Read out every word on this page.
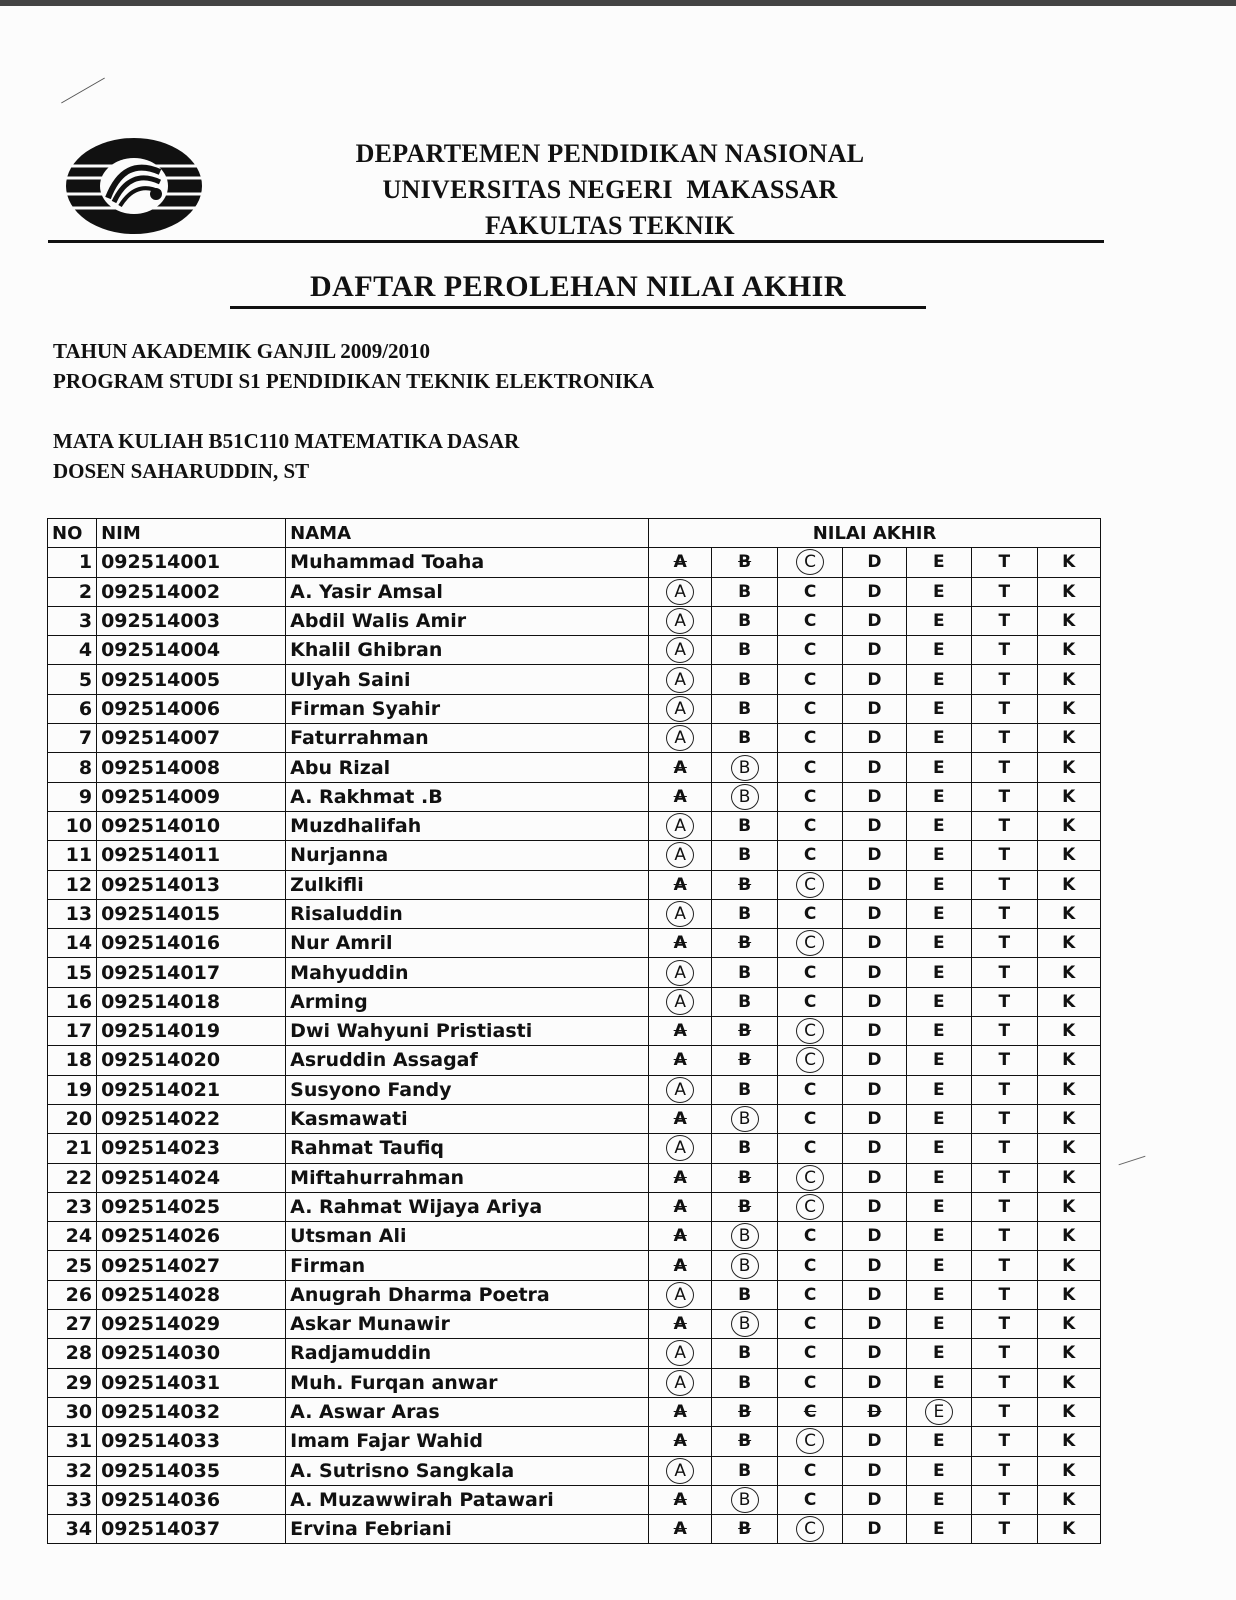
DEPARTEMEN PENDIDIKAN NASIONAL
UNIVERSITAS NEGERI  MAKASSAR
FAKULTAS TEKNIK
DAFTAR PEROLEHAN NILAI AKHIR
TAHUN AKADEMIK GANJIL 2009/2010
PROGRAM STUDI S1 PENDIDIKAN TEKNIK ELEKTRONIKA
MATA KULIAH B51C110 MATEMATIKA DASAR
DOSEN SAHARUDDIN, ST
NO	NIM	NAMA	NILAI AKHIR						
1	092514001	Muhammad Toaha	A	B	C	D	E	T	K
2	092514002	A. Yasir Amsal	A	B	C	D	E	T	K
3	092514003	Abdil Walis Amir	A	B	C	D	E	T	K
4	092514004	Khalil Ghibran	A	B	C	D	E	T	K
5	092514005	Ulyah Saini	A	B	C	D	E	T	K
6	092514006	Firman Syahir	A	B	C	D	E	T	K
7	092514007	Faturrahman	A	B	C	D	E	T	K
8	092514008	Abu Rizal	A	B	C	D	E	T	K
9	092514009	A. Rakhmat .B	A	B	C	D	E	T	K
10	092514010	Muzdhalifah	A	B	C	D	E	T	K
11	092514011	Nurjanna	A	B	C	D	E	T	K
12	092514013	Zulkifli	A	B	C	D	E	T	K
13	092514015	Risaluddin	A	B	C	D	E	T	K
14	092514016	Nur Amril	A	B	C	D	E	T	K
15	092514017	Mahyuddin	A	B	C	D	E	T	K
16	092514018	Arming	A	B	C	D	E	T	K
17	092514019	Dwi Wahyuni Pristiasti	A	B	C	D	E	T	K
18	092514020	Asruddin Assagaf	A	B	C	D	E	T	K
19	092514021	Susyono Fandy	A	B	C	D	E	T	K
20	092514022	Kasmawati	A	B	C	D	E	T	K
21	092514023	Rahmat Taufiq	A	B	C	D	E	T	K
22	092514024	Miftahurrahman	A	B	C	D	E	T	K
23	092514025	A. Rahmat Wijaya Ariya	A	B	C	D	E	T	K
24	092514026	Utsman Ali	A	B	C	D	E	T	K
25	092514027	Firman	A	B	C	D	E	T	K
26	092514028	Anugrah Dharma Poetra	A	B	C	D	E	T	K
27	092514029	Askar Munawir	A	B	C	D	E	T	K
28	092514030	Radjamuddin	A	B	C	D	E	T	K
29	092514031	Muh. Furqan anwar	A	B	C	D	E	T	K
30	092514032	A. Aswar Aras	A	B	C	D	E	T	K
31	092514033	Imam Fajar Wahid	A	B	C	D	E	T	K
32	092514035	A. Sutrisno Sangkala	A	B	C	D	E	T	K
33	092514036	A. Muzawwirah Patawari	A	B	C	D	E	T	K
34	092514037	Ervina Febriani	A	B	C	D	E	T	K
